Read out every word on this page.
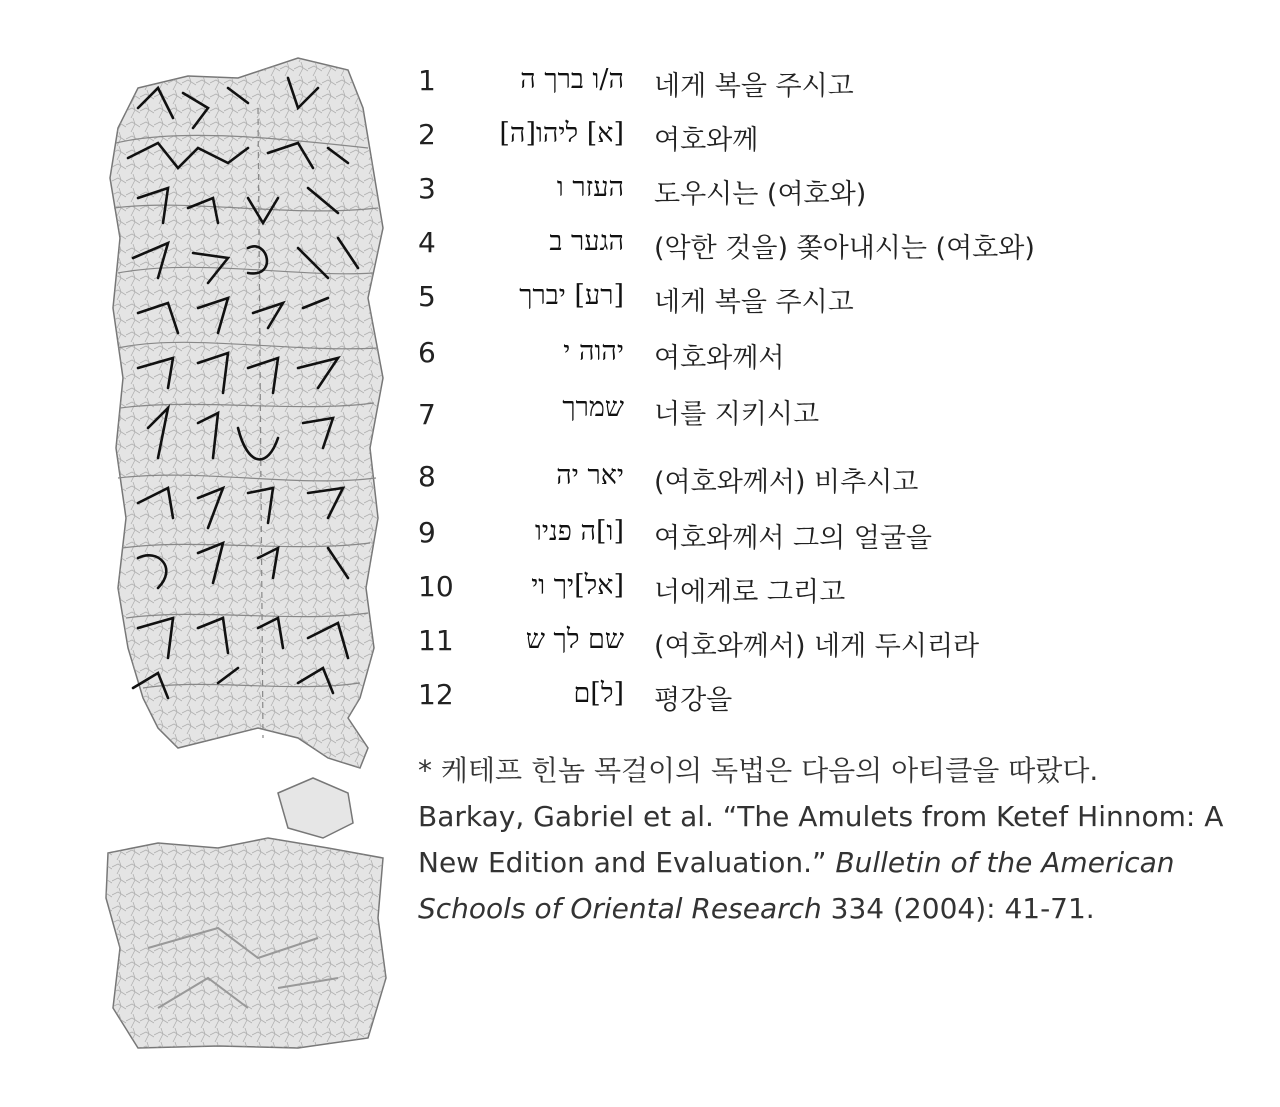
1	ה/ו ברך ה 네게 복을 주시고
2	[א] ליהו[ה] 여호와께
3	העזר ו 도우시는 (여호와)
4	הגער ב (악한 것을) 쫒아내시는 (여호와)
5	[רע] יברך 네게 복을 주시고
6	יהוה י 여호와께서
7	שמרך 너를 지키시고
8	יאר יה (여호와께서) 비추시고
9	[ו]ה פניו 여호와께서 그의 얼굴을
10	[אל]יך וי 너에게로 그리고
11	שם לך ש (여호와께서) 네게 두시리라
12	[ל]ם 평강을
* 케테프 힌놈 목걸이의 독법은 다음의 아티클을 따랐다.
Barkay, Gabriel et al. “The Amulets from Ketef Hinnom: A New Edition and Evaluation.” Bulletin of the American Schools of Oriental Research 334 (2004): 41-71.
